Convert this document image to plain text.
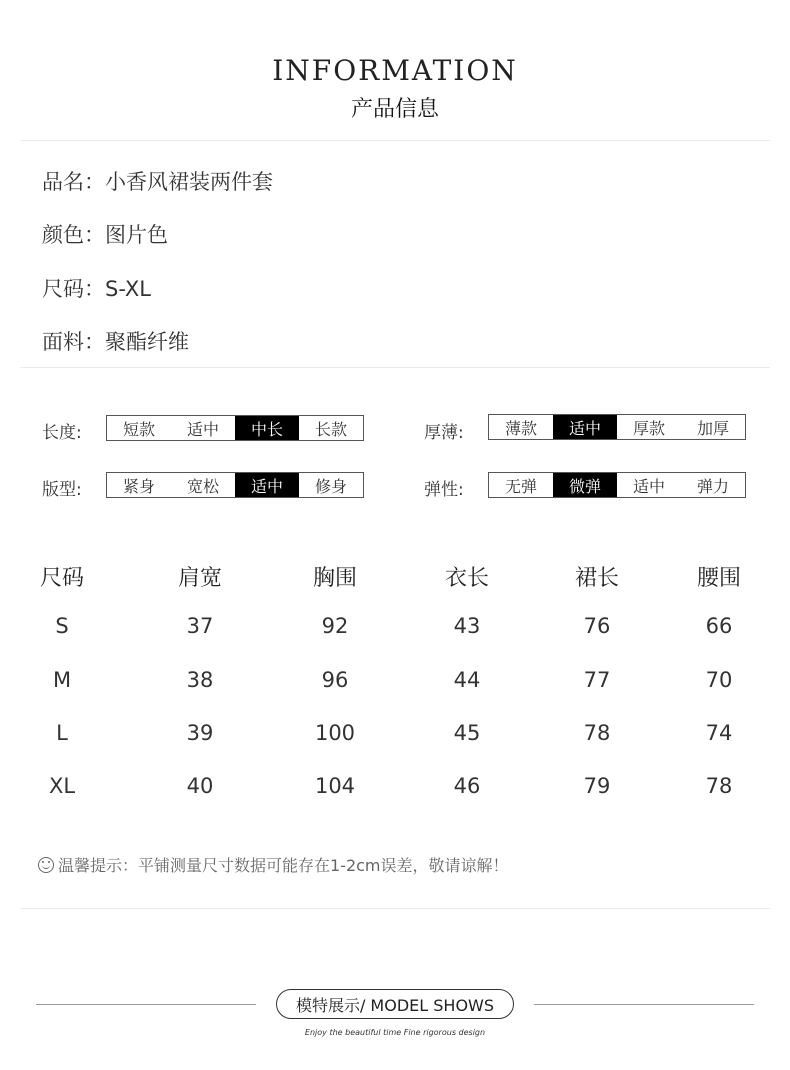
INFORMATION
产品信息
品名：小香风裙装两件套
颜色：图片色
尺码：S-XL
面料：聚酯纤维
长度:	短款	适中	中长	长款	厚薄:	薄款	适中	厚款	加厚
版型:	紧身	宽松	适中	修身	弹性:	无弹	微弹	适中	弹力
尺码	肩宽	胸围	衣长	裙长	腰围
S	37	92	43	76	66
M	38	96	44	77	70
L	39	100	45	78	74
XL	40	104	46	79	78
温馨提示：平铺测量尺寸数据可能存在1-2cm误差，敬请谅解！
模特展示/ MODEL SHOWS
Enjoy the beautiful time Fine rigorous design
